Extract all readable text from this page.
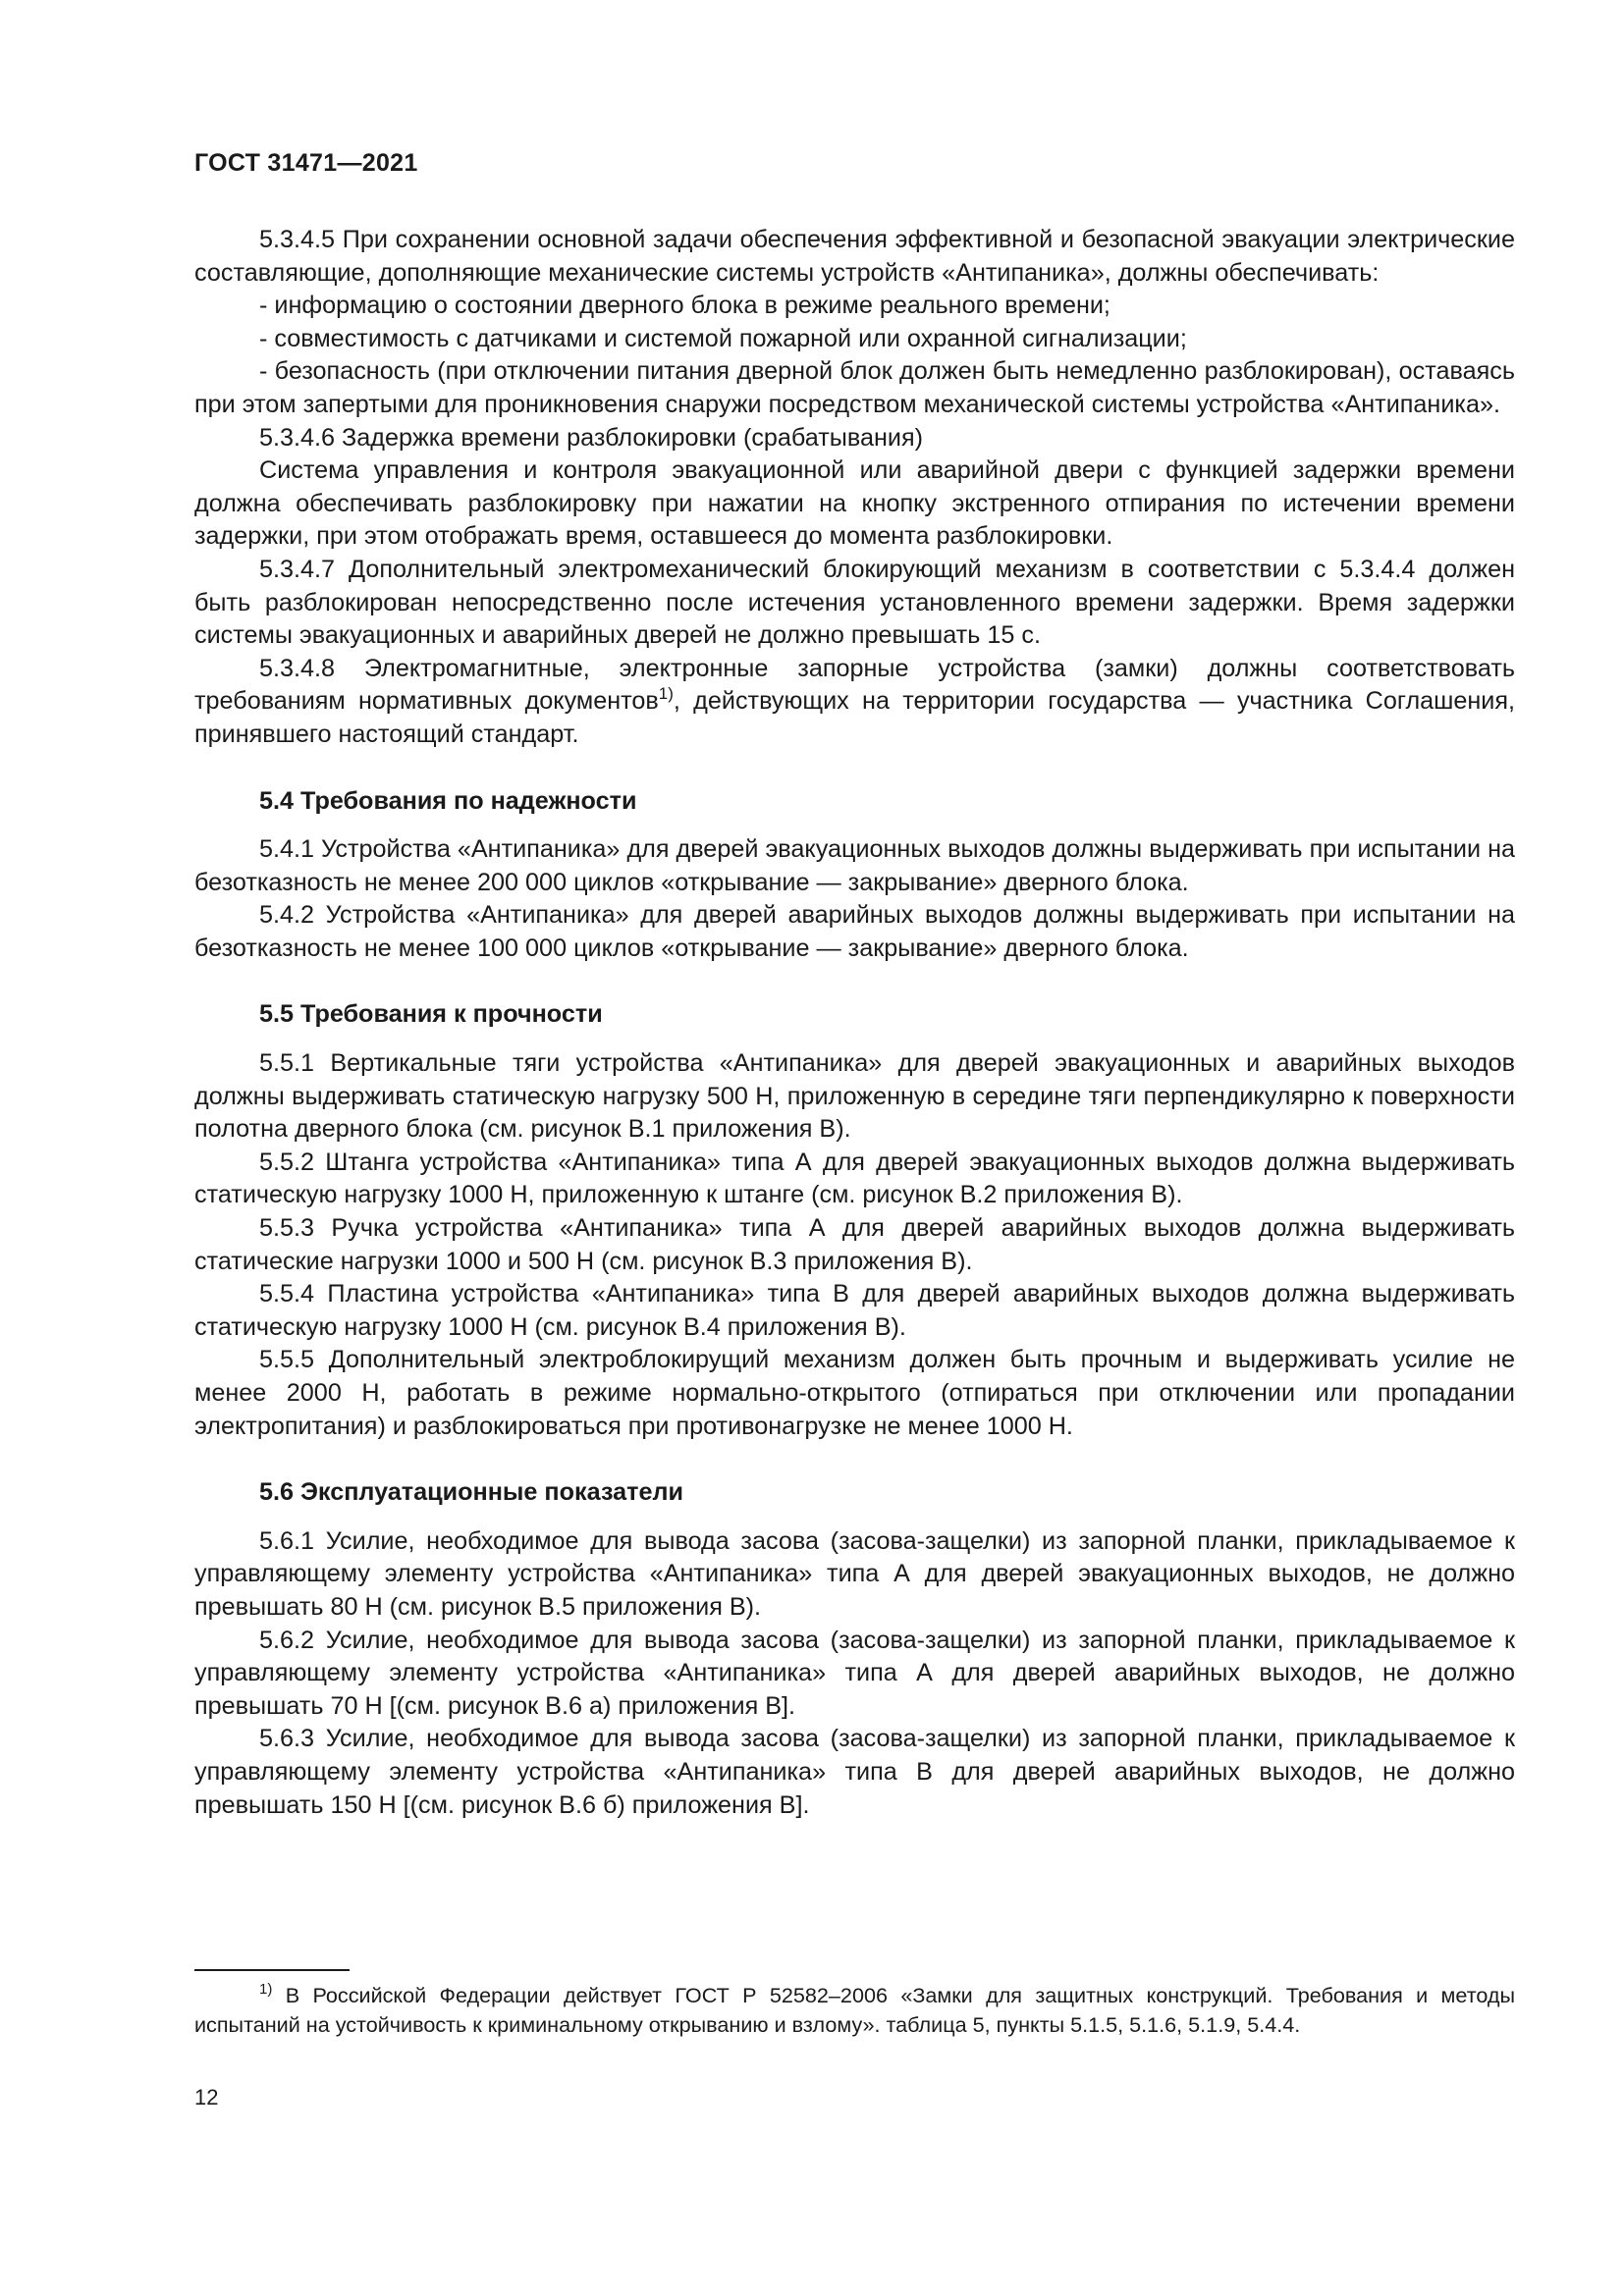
ГОСТ 31471—2021

5.3.4.5 При сохранении основной задачи обеспечения эффективной и безопасной эвакуации электрические составляющие, дополняющие механические системы устройств «Антипаника», должны обеспечивать:

- информацию о состоянии дверного блока в режиме реального времени;

- совместимость с датчиками и системой пожарной или охранной сигнализации;

- безопасность (при отключении питания дверной блок должен быть немедленно разблокирован), оставаясь при этом запертыми для проникновения снаружи посредством механической системы устройства «Антипаника».

5.3.4.6 Задержка времени разблокировки (срабатывания)

Система управления и контроля эвакуационной или аварийной двери с функцией задержки времени должна обеспечивать разблокировку при нажатии на кнопку экстренного отпирания по истечении времени задержки, при этом отображать время, оставшееся до момента разблокировки.

5.3.4.7 Дополнительный электромеханический блокирующий механизм в соответствии с 5.3.4.4 должен быть разблокирован непосредственно после истечения установленного времени задержки. Время задержки системы эвакуационных и аварийных дверей не должно превышать 15 с.

5.3.4.8 Электромагнитные, электронные запорные устройства (замки) должны соответствовать требованиям нормативных документов$^{1)}$, действующих на территории государства — участника Соглашения, принявшего настоящий стандарт.

5.4 Требования по надежности

5.4.1 Устройства «Антипаника» для дверей эвакуационных выходов должны выдерживать при испытании на безотказность не менее 200 000 циклов «открывание — закрывание» дверного блока.

5.4.2 Устройства «Антипаника» для дверей аварийных выходов должны выдерживать при испытании на безотказность не менее 100 000 циклов «открывание — закрывание» дверного блока.

5.5 Требования к прочности

5.5.1 Вертикальные тяги устройства «Антипаника» для дверей эвакуационных и аварийных выходов должны выдерживать статическую нагрузку 500 Н, приложенную в середине тяги перпендикулярно к поверхности полотна дверного блока (см. рисунок В.1 приложения В).

5.5.2 Штанга устройства «Антипаника» типа А для дверей эвакуационных выходов должна выдерживать статическую нагрузку 1000 Н, приложенную к штанге (см. рисунок В.2 приложения В).

5.5.3 Ручка устройства «Антипаника» типа А для дверей аварийных выходов должна выдерживать статические нагрузки 1000 и 500 Н (см. рисунок В.3 приложения В).

5.5.4 Пластина устройства «Антипаника» типа В для дверей аварийных выходов должна выдерживать статическую нагрузку 1000 Н (см. рисунок В.4 приложения В).

5.5.5 Дополнительный электроблокирущий механизм должен быть прочным и выдерживать усилие не менее 2000 Н, работать в режиме нормально-открытого (отпираться при отключении или пропадании электропитания) и разблокироваться при противонагрузке не менее 1000 Н.

5.6 Эксплуатационные показатели

5.6.1 Усилие, необходимое для вывода засова (засова-защелки) из запорной планки, прикладываемое к управляющему элементу устройства «Антипаника» типа А для дверей эвакуационных выходов, не должно превышать 80 Н (см. рисунок В.5 приложения В).

5.6.2 Усилие, необходимое для вывода засова (засова-защелки) из запорной планки, прикладываемое к управляющему элементу устройства «Антипаника» типа А для дверей аварийных выходов, не должно превышать 70 Н [(см. рисунок В.6 а) приложения В].

5.6.3 Усилие, необходимое для вывода засова (засова-защелки) из запорной планки, прикладываемое к управляющему элементу устройства «Антипаника» типа В для дверей аварийных выходов, не должно превышать 150 Н [(см. рисунок В.6 б) приложения В].

$^{1)}$ В Российской Федерации действует ГОСТ Р 52582–2006 «Замки для защитных конструкций. Требования и методы испытаний на устойчивость к криминальному открыванию и взлому». таблица 5, пункты 5.1.5, 5.1.6, 5.1.9, 5.4.4.

12
